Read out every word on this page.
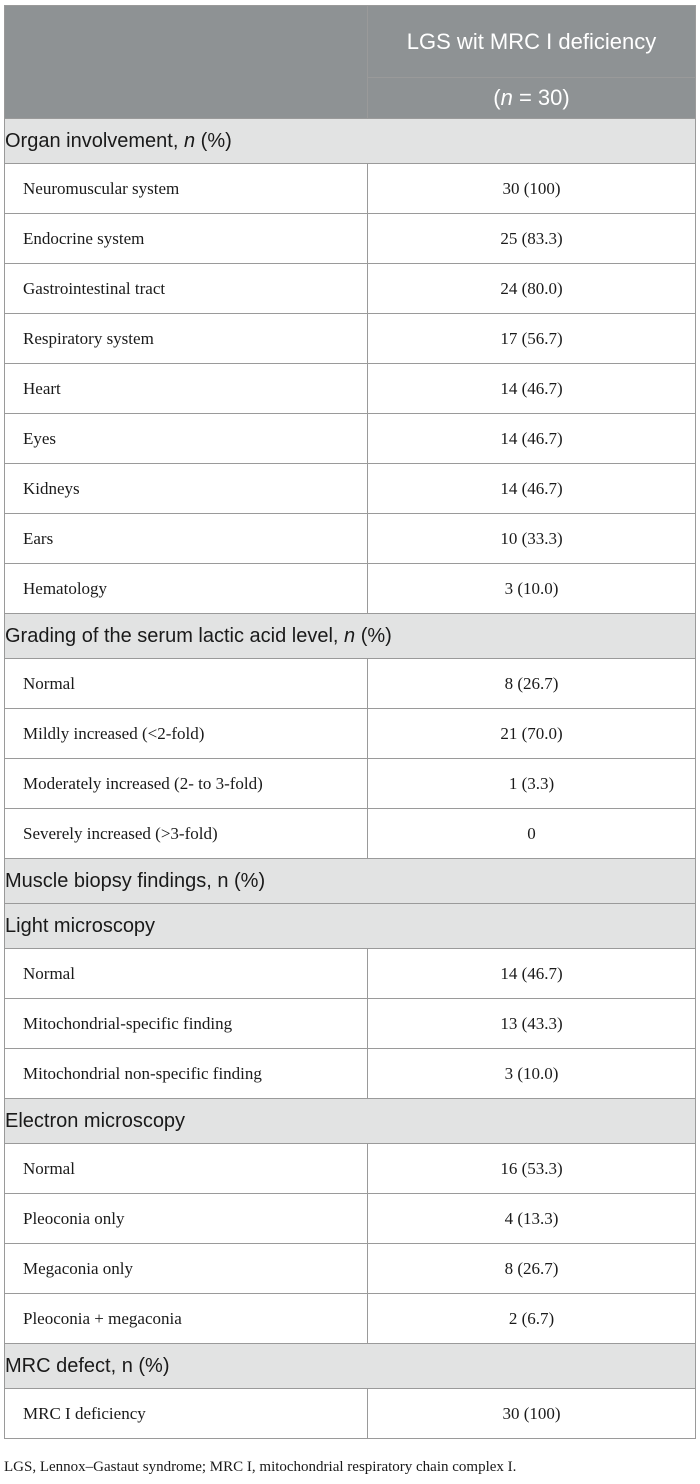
	LGS wit MRC I deficiency
	(n = 30)
Organ involvement, n (%)	
Neuromuscular system	30 (100)
Endocrine system	25 (83.3)
Gastrointestinal tract	24 (80.0)
Respiratory system	17 (56.7)
Heart	14 (46.7)
Eyes	14 (46.7)
Kidneys	14 (46.7)
Ears	10 (33.3)
Hematology	3 (10.0)
Grading of the serum lactic acid level, n (%)	
Normal	8 (26.7)
Mildly increased (<2-fold)	21 (70.0)
Moderately increased (2- to 3-fold)	1 (3.3)
Severely increased (>3-fold)	0
Muscle biopsy findings, n (%)	
Light microscopy	
Normal	14 (46.7)
Mitochondrial-specific finding	13 (43.3)
Mitochondrial non-specific finding	3 (10.0)
Electron microscopy	
Normal	16 (53.3)
Pleoconia only	4 (13.3)
Megaconia only	8 (26.7)
Pleoconia + megaconia	2 (6.7)
MRC defect, n (%)	
MRC I deficiency	30 (100)
LGS, Lennox–Gastaut syndrome; MRC I, mitochondrial respiratory chain complex I.
